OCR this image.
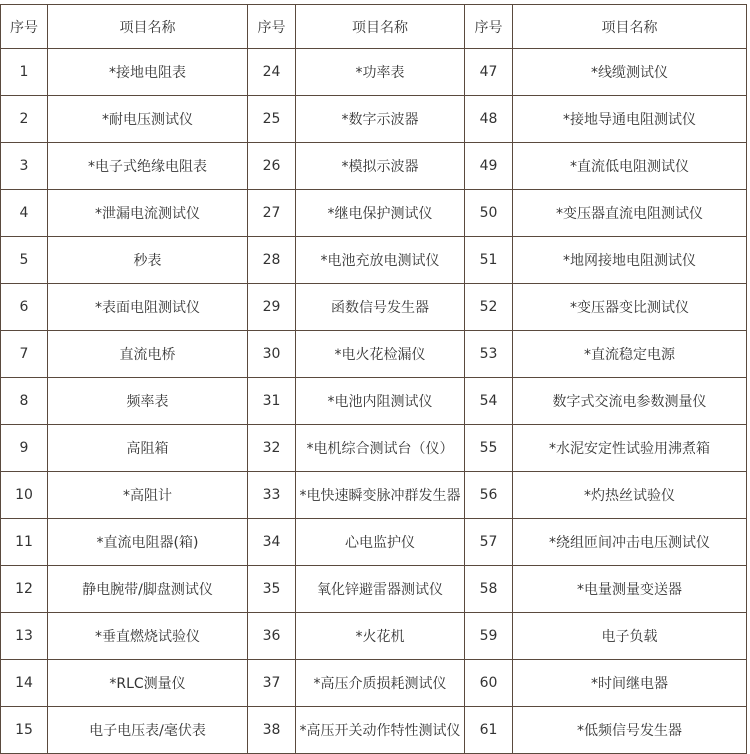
序号	项目名称	序号	项目名称	序号	项目名称
1	*接地电阻表	24	*功率表	47	*线缆测试仪
2	*耐电压测试仪	25	*数字示波器	48	*接地导通电阻测试仪
3	*电子式绝缘电阻表	26	*模拟示波器	49	*直流低电阻测试仪
4	*泄漏电流测试仪	27	*继电保护测试仪	50	*变压器直流电阻测试仪
5	秒表	28	*电池充放电测试仪	51	*地网接地电阻测试仪
6	*表面电阻测试仪	29	函数信号发生器	52	*变压器变比测试仪
7	直流电桥	30	*电火花检漏仪	53	*直流稳定电源
8	频率表	31	*电池内阻测试仪	54	数字式交流电参数测量仪
9	高阻箱	32	*电机综合测试台（仪）	55	*水泥安定性试验用沸煮箱
10	*高阻计	33	*电快速瞬变脉冲群发生器	56	*灼热丝试验仪
11	*直流电阻器(箱)	34	心电监护仪	57	*绕组匝间冲击电压测试仪
12	静电腕带/脚盘测试仪	35	氧化锌避雷器测试仪	58	*电量测量变送器
13	*垂直燃烧试验仪	36	*火花机	59	电子负载
14	*RLC测量仪	37	*高压介质损耗测试仪	60	*时间继电器
15	电子电压表/毫伏表	38	*高压开关动作特性测试仪	61	*低频信号发生器
